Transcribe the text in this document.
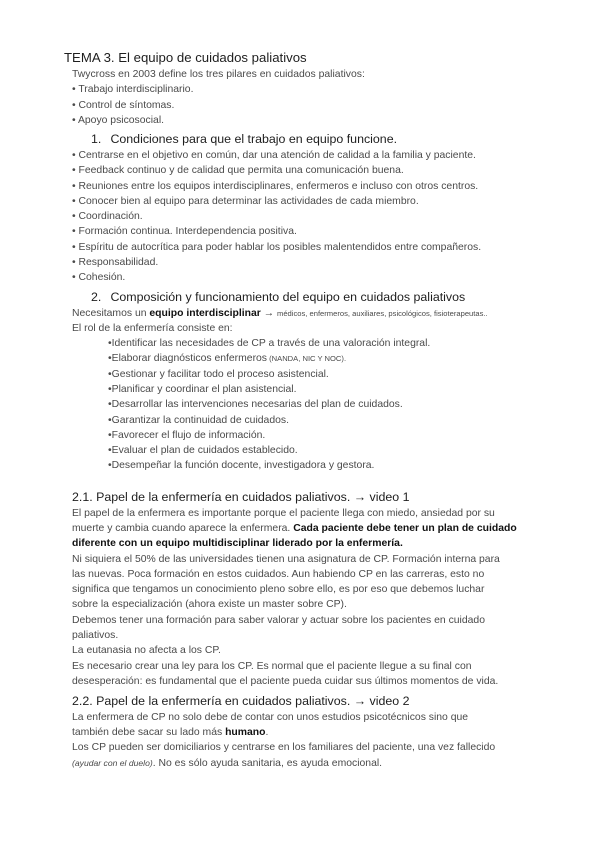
TEMA 3. El equipo de cuidados paliativos
Twycross en 2003 define los tres pilares en cuidados paliativos:
• Trabajo interdisciplinario.
• Control de síntomas.
• Apoyo psicosocial.
1. Condiciones para que el trabajo en equipo funcione.
• Centrarse en el objetivo en común, dar una atención de calidad a la familia y paciente.
• Feedback continuo y de calidad que permita una comunicación buena.
• Reuniones entre los equipos interdisciplinares, enfermeros e incluso con otros centros.
• Conocer bien al equipo para determinar las actividades de cada miembro.
• Coordinación.
• Formación continua. Interdependencia positiva.
• Espíritu de autocrítica para poder hablar los posibles malentendidos entre compañeros.
• Responsabilidad.
• Cohesión.
2. Composición y funcionamiento del equipo en cuidados paliativos
Necesitamos un equipo interdisciplinar → médicos, enfermeros, auxiliares, psicológicos, fisioterapeutas..
El rol de la enfermería consiste en:
•Identificar las necesidades de CP a través de una valoración integral.
•Elaborar diagnósticos enfermeros (NANDA, NIC Y NOC).
•Gestionar y facilitar todo el proceso asistencial.
•Planificar y coordinar el plan asistencial.
•Desarrollar las intervenciones necesarias del plan de cuidados.
•Garantizar la continuidad de cuidados.
•Favorecer el flujo de información.
•Evaluar el plan de cuidados establecido.
•Desempeñar la función docente, investigadora y gestora.
2.1. Papel de la enfermería en cuidados paliativos. → video 1
El papel de la enfermera es importante porque el paciente llega con miedo, ansiedad por su
muerte y cambia cuando aparece la enfermera. Cada paciente debe tener un plan de cuidado
diferente con un equipo multidisciplinar liderado por la enfermería.
Ni siquiera el 50% de las universidades tienen una asignatura de CP. Formación interna para
las nuevas. Poca formación en estos cuidados. Aun habiendo CP en las carreras, esto no
significa que tengamos un conocimiento pleno sobre ello, es por eso que debemos luchar
sobre la especialización (ahora existe un master sobre CP).
Debemos tener una formación para saber valorar y actuar sobre los pacientes en cuidado
paliativos.
La eutanasia no afecta a los CP.
Es necesario crear una ley para los CP. Es normal que el paciente llegue a su final con
desesperación: es fundamental que el paciente pueda cuidar sus últimos momentos de vida.
2.2. Papel de la enfermería en cuidados paliativos. → video 2
La enfermera de CP no solo debe de contar con unos estudios psicotécnicos sino que
también debe sacar su lado más humano.
Los CP pueden ser domiciliarios y centrarse en los familiares del paciente, una vez fallecido
(ayudar con el duelo). No es sólo ayuda sanitaria, es ayuda emocional.
